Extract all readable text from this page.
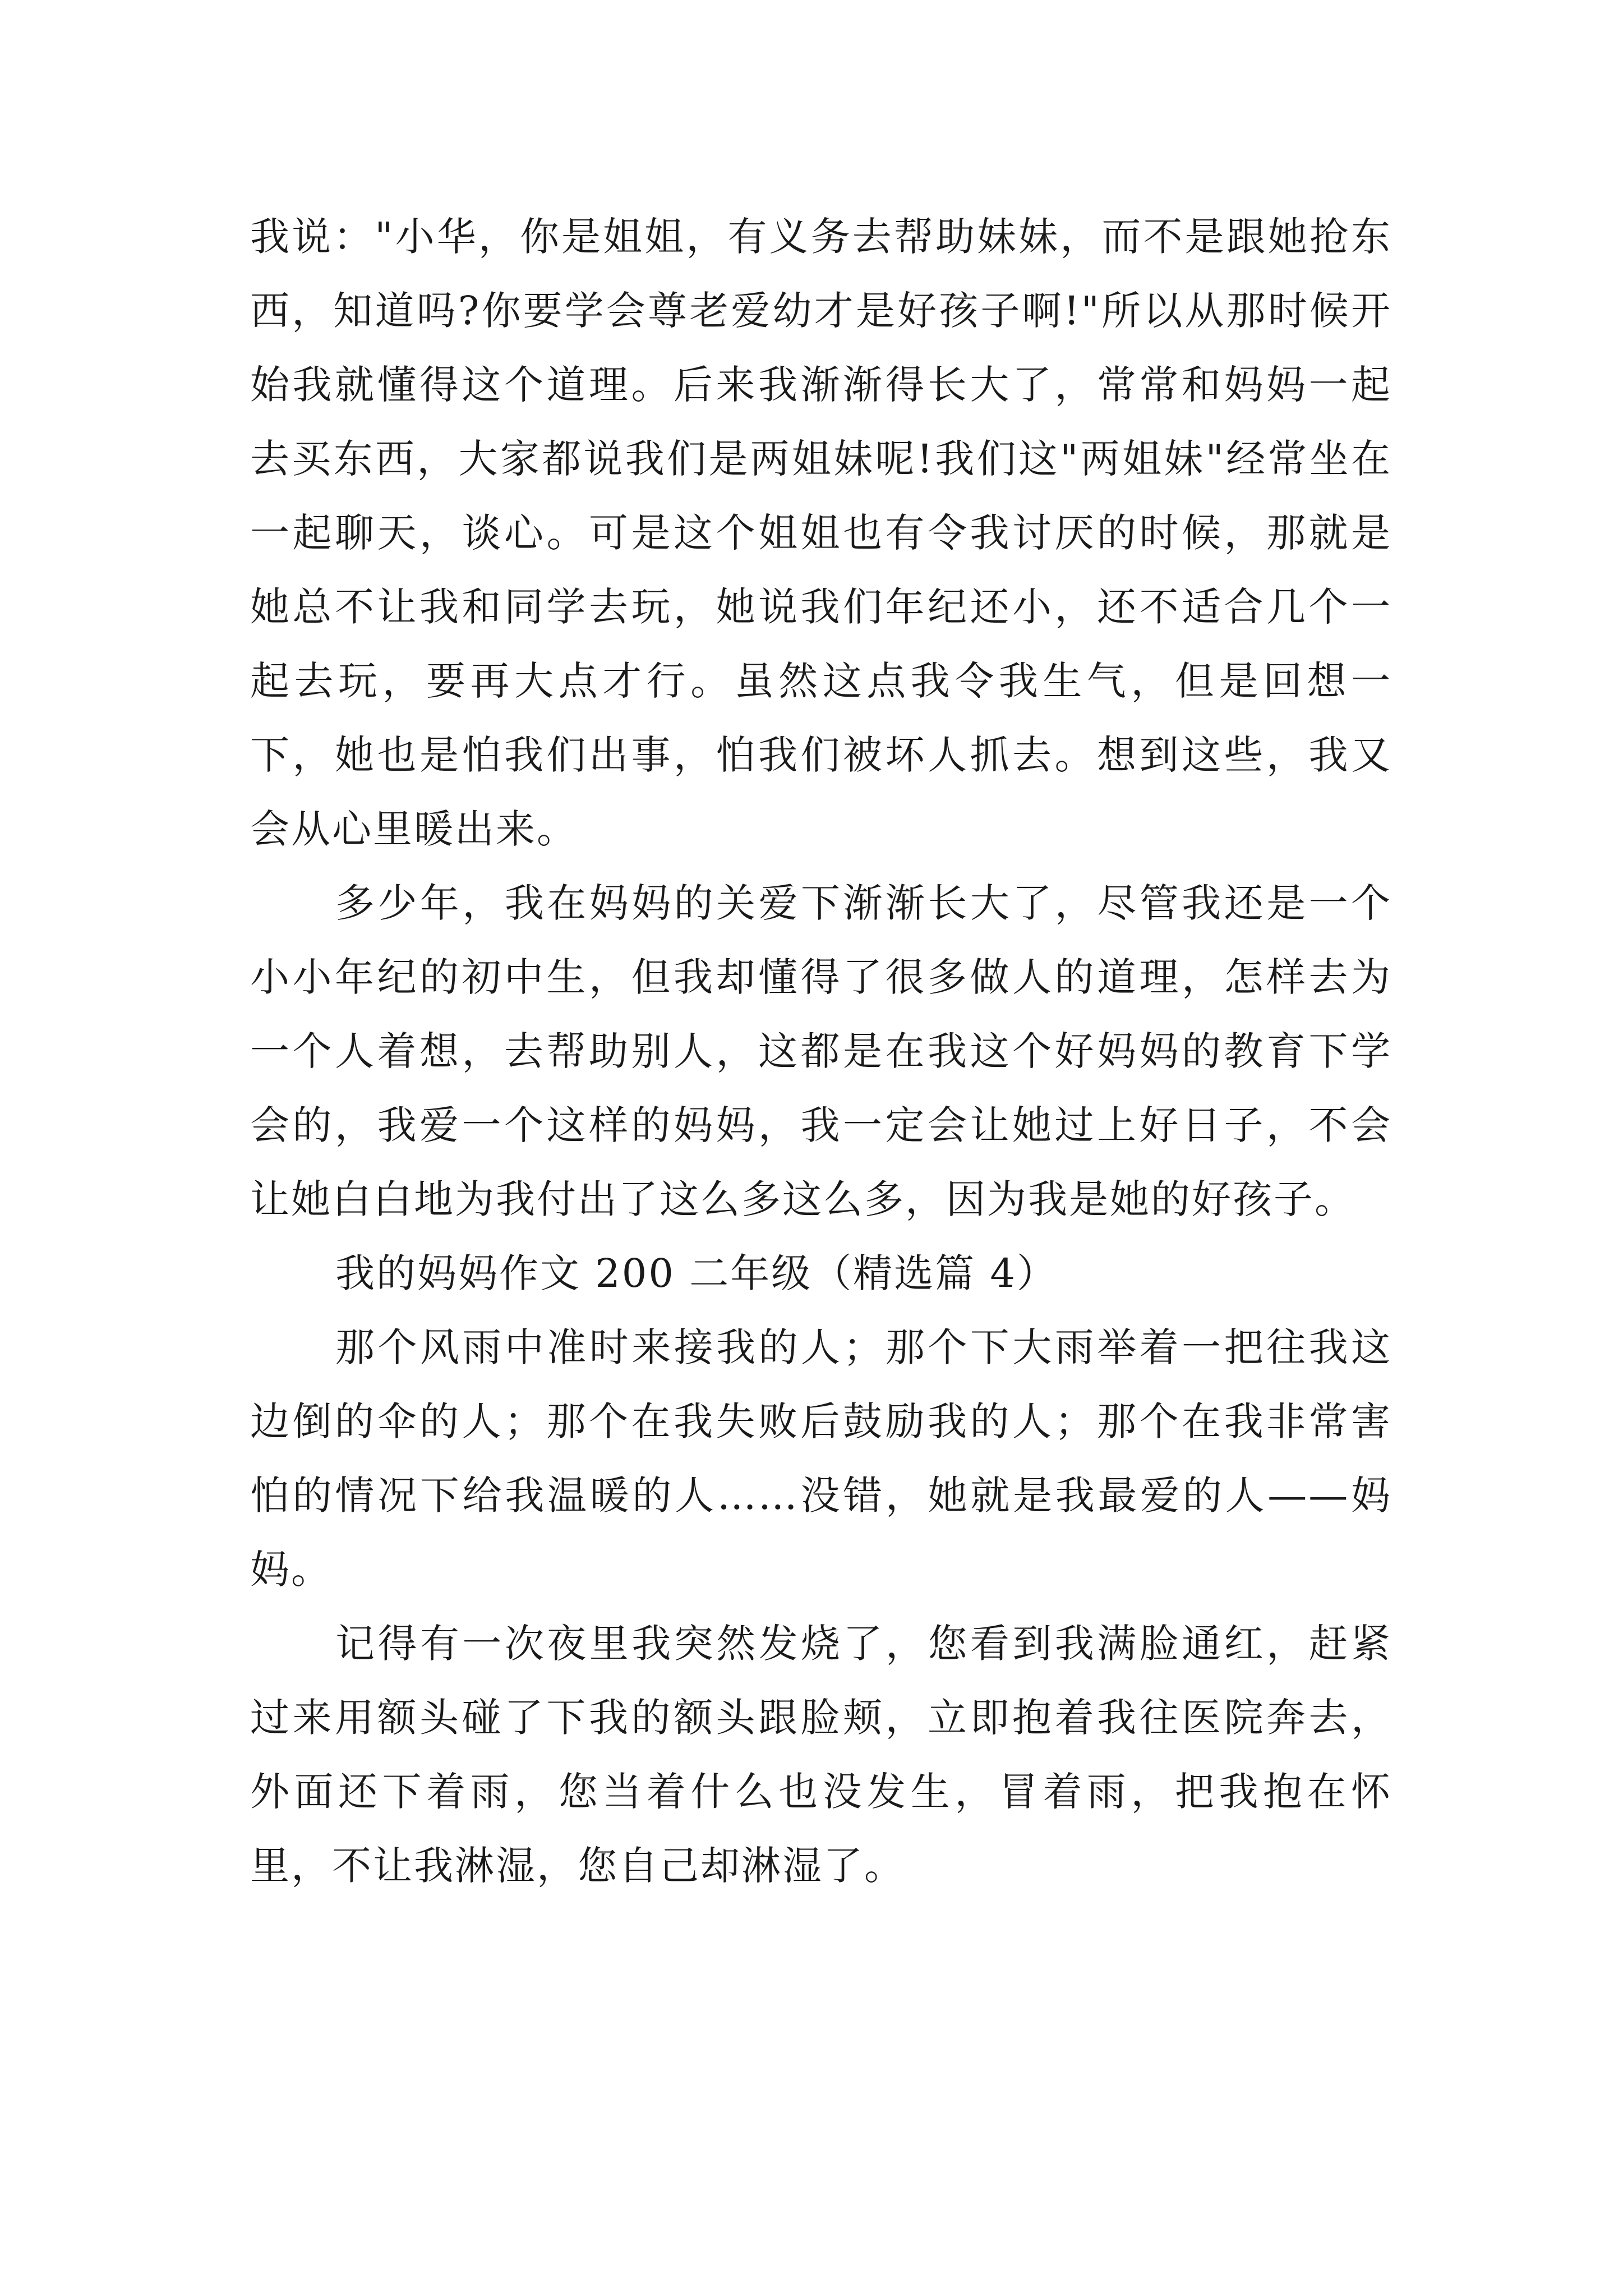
我说："小华，你是姐姐，有义务去帮助妹妹，而不是跟她抢东西，知道吗?你要学会尊老爱幼才是好孩子啊!"所以从那时候开始我就懂得这个道理。后来我渐渐得长大了，常常和妈妈一起去买东西，大家都说我们是两姐妹呢!我们这"两姐妹"经常坐在一起聊天，谈心。可是这个姐姐也有令我讨厌的时候，那就是她总不让我和同学去玩，她说我们年纪还小，还不适合几个一起去玩，要再大点才行。虽然这点我令我生气，但是回想一下，她也是怕我们出事，怕我们被坏人抓去。想到这些，我又会从心里暖出来。

多少年，我在妈妈的关爱下渐渐长大了，尽管我还是一个小小年纪的初中生，但我却懂得了很多做人的道理，怎样去为一个人着想，去帮助别人，这都是在我这个好妈妈的教育下学会的，我爱一个这样的妈妈，我一定会让她过上好日子，不会让她白白地为我付出了这么多这么多，因为我是她的好孩子。

我的妈妈作文 200 二年级（精选篇 4）

那个风雨中准时来接我的人；那个下大雨举着一把往我这边倒的伞的人；那个在我失败后鼓励我的人；那个在我非常害怕的情况下给我温暖的人……没错，她就是我最爱的人——妈妈。

记得有一次夜里我突然发烧了，您看到我满脸通红，赶紧过来用额头碰了下我的额头跟脸颊，立即抱着我往医院奔去，外面还下着雨，您当着什么也没发生，冒着雨，把我抱在怀里，不让我淋湿，您自己却淋湿了。
